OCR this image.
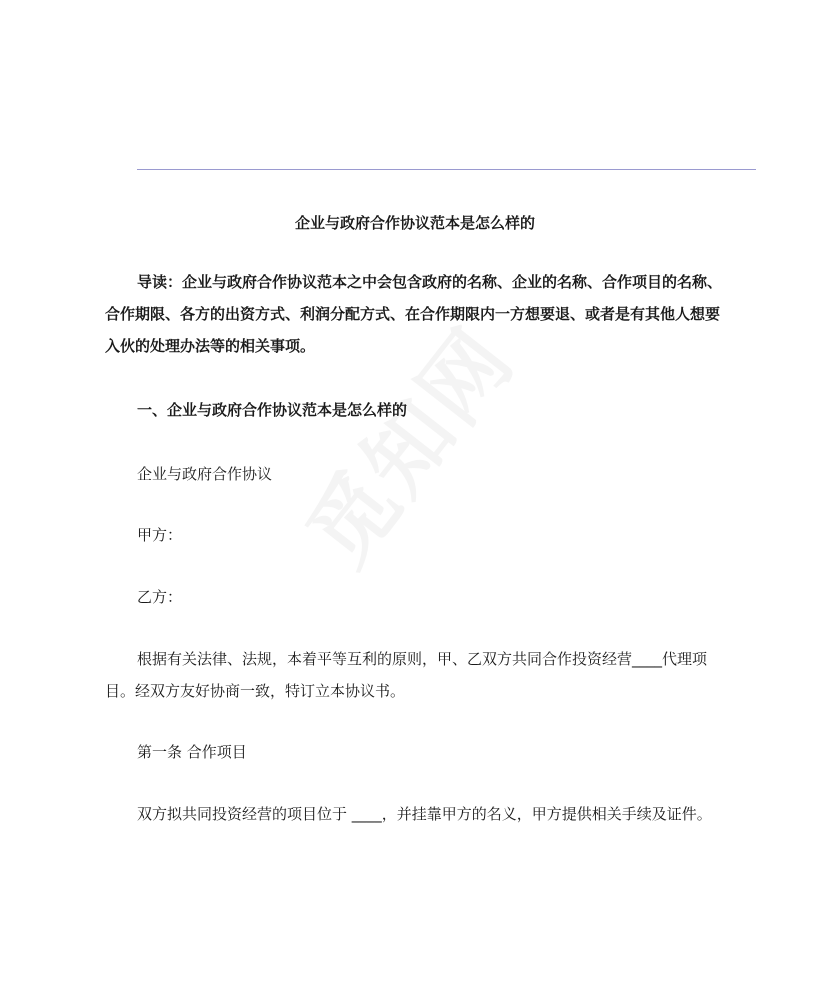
企业与政府合作协议范本是怎么样的
导读：企业与政府合作协议范本之中会包含政府的名称、企业的名称、合作项目的名称、合作期限、各方的出资方式、利润分配方式、在合作期限内一方想要退、或者是有其他人想要入伙的处理办法等的相关事项。
一、企业与政府合作协议范本是怎么样的
企业与政府合作协议
甲方：
乙方：
根据有关法律、法规，本着平等互利的原则，甲、乙双方共同合作投资经营____代理项目。经双方友好协商一致，特订立本协议书。
第一条 合作项目
双方拟共同投资经营的项目位于 ____，并挂靠甲方的名义，甲方提供相关手续及证件。
